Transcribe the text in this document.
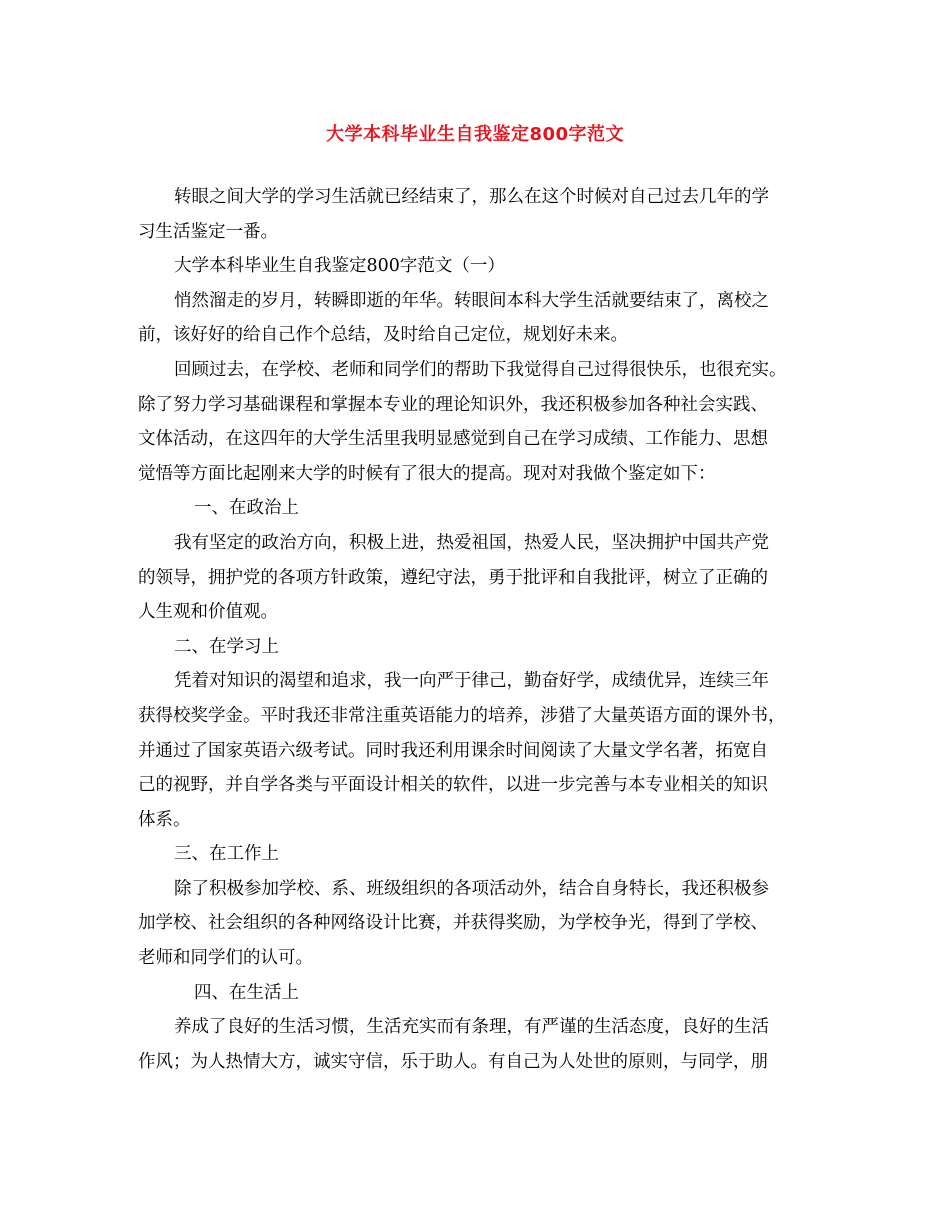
大学本科毕业生自我鉴定800字范文
转眼之间大学的学习生活就已经结束了，那么在这个时候对自己过去几年的学
习生活鉴定一番。
大学本科毕业生自我鉴定800字范文（一）
悄然溜走的岁月，转瞬即逝的年华。转眼间本科大学生活就要结束了，离校之
前，该好好的给自己作个总结，及时给自己定位，规划好未来。
回顾过去，在学校、老师和同学们的帮助下我觉得自己过得很快乐，也很充实。
除了努力学习基础课程和掌握本专业的理论知识外，我还积极参加各种社会实践、
文体活动，在这四年的大学生活里我明显感觉到自己在学习成绩、工作能力、思想
觉悟等方面比起刚来大学的时候有了很大的提高。现对对我做个鉴定如下：
一、在政治上
我有坚定的政治方向，积极上进，热爱祖国，热爱人民，坚决拥护中国共产党
的领导，拥护党的各项方针政策，遵纪守法，勇于批评和自我批评，树立了正确的
人生观和价值观。
二、在学习上
凭着对知识的渴望和追求，我一向严于律己，勤奋好学，成绩优异，连续三年
获得校奖学金。平时我还非常注重英语能力的培养，涉猎了大量英语方面的课外书，
并通过了国家英语六级考试。同时我还利用课余时间阅读了大量文学名著，拓宽自
己的视野，并自学各类与平面设计相关的软件，以进一步完善与本专业相关的知识
体系。
三、在工作上
除了积极参加学校、系、班级组织的各项活动外，结合自身特长，我还积极参
加学校、社会组织的各种网络设计比赛，并获得奖励，为学校争光，得到了学校、
老师和同学们的认可。
四、在生活上
养成了良好的生活习惯，生活充实而有条理，有严谨的生活态度，良好的生活
作风；为人热情大方，诚实守信，乐于助人。有自己为人处世的原则，与同学，朋
